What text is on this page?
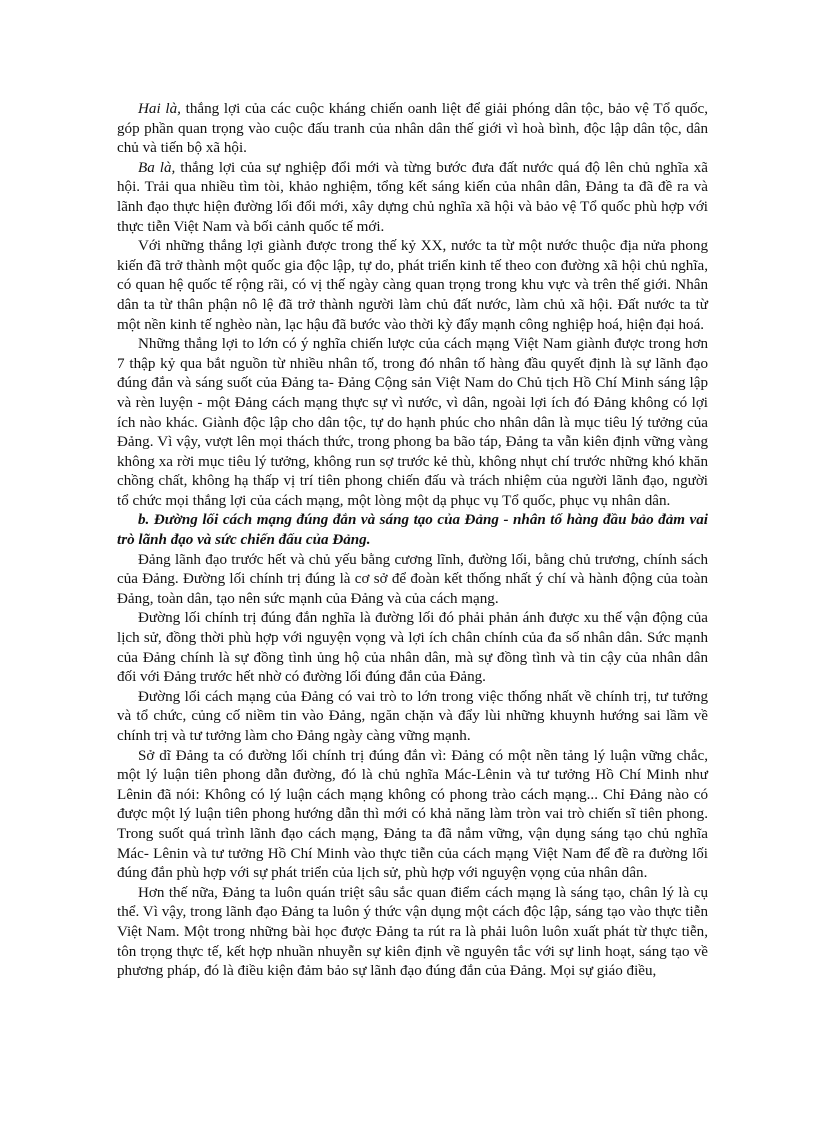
Hai là, thắng lợi của các cuộc kháng chiến oanh liệt để giải phóng dân tộc, bảo vệ Tổ quốc, góp phần quan trọng vào cuộc đấu tranh của nhân dân thế giới vì hoà bình, độc lập dân tộc, dân chủ và tiến bộ xã hội.

Ba là, thắng lợi của sự nghiệp đổi mới và từng bước đưa đất nước quá độ lên chủ nghĩa xã hội. Trải qua nhiều tìm tòi, khảo nghiệm, tổng kết sáng kiến của nhân dân, Đảng ta đã đề ra và lãnh đạo thực hiện đường lối đổi mới, xây dựng chủ nghĩa xã hội và bảo vệ Tổ quốc phù hợp với thực tiễn Việt Nam và bối cảnh quốc tế mới.

Với những thắng lợi giành được trong thế kỷ XX, nước ta từ một nước thuộc địa nửa phong kiến đã trở thành một quốc gia độc lập, tự do, phát triển kinh tế theo con đường xã hội chủ nghĩa, có quan hệ quốc tế rộng rãi, có vị thế ngày càng quan trọng trong khu vực và trên thế giới. Nhân dân ta từ thân phận nô lệ đã trở thành người làm chủ đất nước, làm chủ xã hội. Đất nước ta từ một nền kinh tế nghèo nàn, lạc hậu đã bước vào thời kỳ đẩy mạnh công nghiệp hoá, hiện đại hoá.

Những thắng lợi to lớn có ý nghĩa chiến lược của cách mạng Việt Nam giành được trong hơn 7 thập kỷ qua bắt nguồn từ nhiều nhân tố, trong đó nhân tố hàng đầu quyết định là sự lãnh đạo đúng đắn và sáng suốt của Đảng ta- Đảng Cộng sản Việt Nam do Chủ tịch Hồ Chí Minh sáng lập và rèn luyện - một Đảng cách mạng thực sự vì nước, vì dân, ngoài lợi ích đó Đảng không có lợi ích nào khác. Giành độc lập cho dân tộc, tự do hạnh phúc cho nhân dân là mục tiêu lý tưởng của Đảng. Vì vậy, vượt lên mọi thách thức, trong phong ba bão táp, Đảng ta vẫn kiên định vững vàng không xa rời mục tiêu lý tưởng, không run sợ trước kẻ thù, không nhụt chí trước những khó khăn chồng chất, không hạ thấp vị trí tiên phong chiến đấu và trách nhiệm của người lãnh đạo, người tổ chức mọi thắng lợi của cách mạng, một lòng một dạ phục vụ Tổ quốc, phục vụ nhân dân.

b. Đường lối cách mạng đúng đắn và sáng tạo của Đảng - nhân tố hàng đầu bảo đảm vai trò lãnh đạo và sức chiến đấu của Đảng.

Đảng lãnh đạo trước hết và chủ yếu bằng cương lĩnh, đường lối, bằng chủ trương, chính sách của Đảng. Đường lối chính trị đúng là cơ sở để đoàn kết thống nhất ý chí và hành động của toàn Đảng, toàn dân, tạo nên sức mạnh của Đảng và của cách mạng.

Đường lối chính trị đúng đắn nghĩa là đường lối đó phải phản ánh được xu thế vận động của lịch sử, đồng thời phù hợp với nguyện vọng và lợi ích chân chính của đa số nhân dân. Sức mạnh của Đảng chính là sự đồng tình ủng hộ của nhân dân, mà sự đồng tình và tin cậy của nhân dân đối với Đảng trước hết nhờ có đường lối đúng đắn của Đảng.

Đường lối cách mạng của Đảng có vai trò to lớn trong việc thống nhất về chính trị, tư tưởng và tổ chức, củng cố niềm tin vào Đảng, ngăn chặn và đẩy lùi những khuynh hướng sai lầm về chính trị và tư tưởng làm cho Đảng ngày càng vững mạnh.

Sở dĩ Đảng ta có đường lối chính trị đúng đắn vì: Đảng có một nền tảng lý luận vững chắc, một lý luận tiên phong dẫn đường, đó là chủ nghĩa Mác-Lênin và tư tưởng Hồ Chí Minh như Lênin đã nói: Không có lý luận cách mạng không có phong trào cách mạng... Chỉ Đảng nào có được một lý luận tiên phong hướng dẫn thì mới có khả năng làm tròn vai trò chiến sĩ tiên phong. Trong suốt quá trình lãnh đạo cách mạng, Đảng ta đã nắm vững, vận dụng sáng tạo chủ nghĩa Mác- Lênin và tư tưởng Hồ Chí Minh vào thực tiễn của cách mạng Việt Nam để đề ra đường lối đúng đắn phù hợp với sự phát triển của lịch sử, phù hợp với nguyện vọng của nhân dân.

Hơn thế nữa, Đảng ta luôn quán triệt sâu sắc quan điểm cách mạng là sáng tạo, chân lý là cụ thể. Vì vậy, trong lãnh đạo Đảng ta luôn ý thức vận dụng một cách độc lập, sáng tạo vào thực tiễn Việt Nam. Một trong những bài học được Đảng ta rút ra là phải luôn luôn xuất phát từ thực tiễn, tôn trọng thực tế, kết hợp nhuần nhuyễn sự kiên định về nguyên tắc với sự linh hoạt, sáng tạo về phương pháp, đó là điều kiện đảm bảo sự lãnh đạo đúng đắn của Đảng. Mọi sự giáo điều,
